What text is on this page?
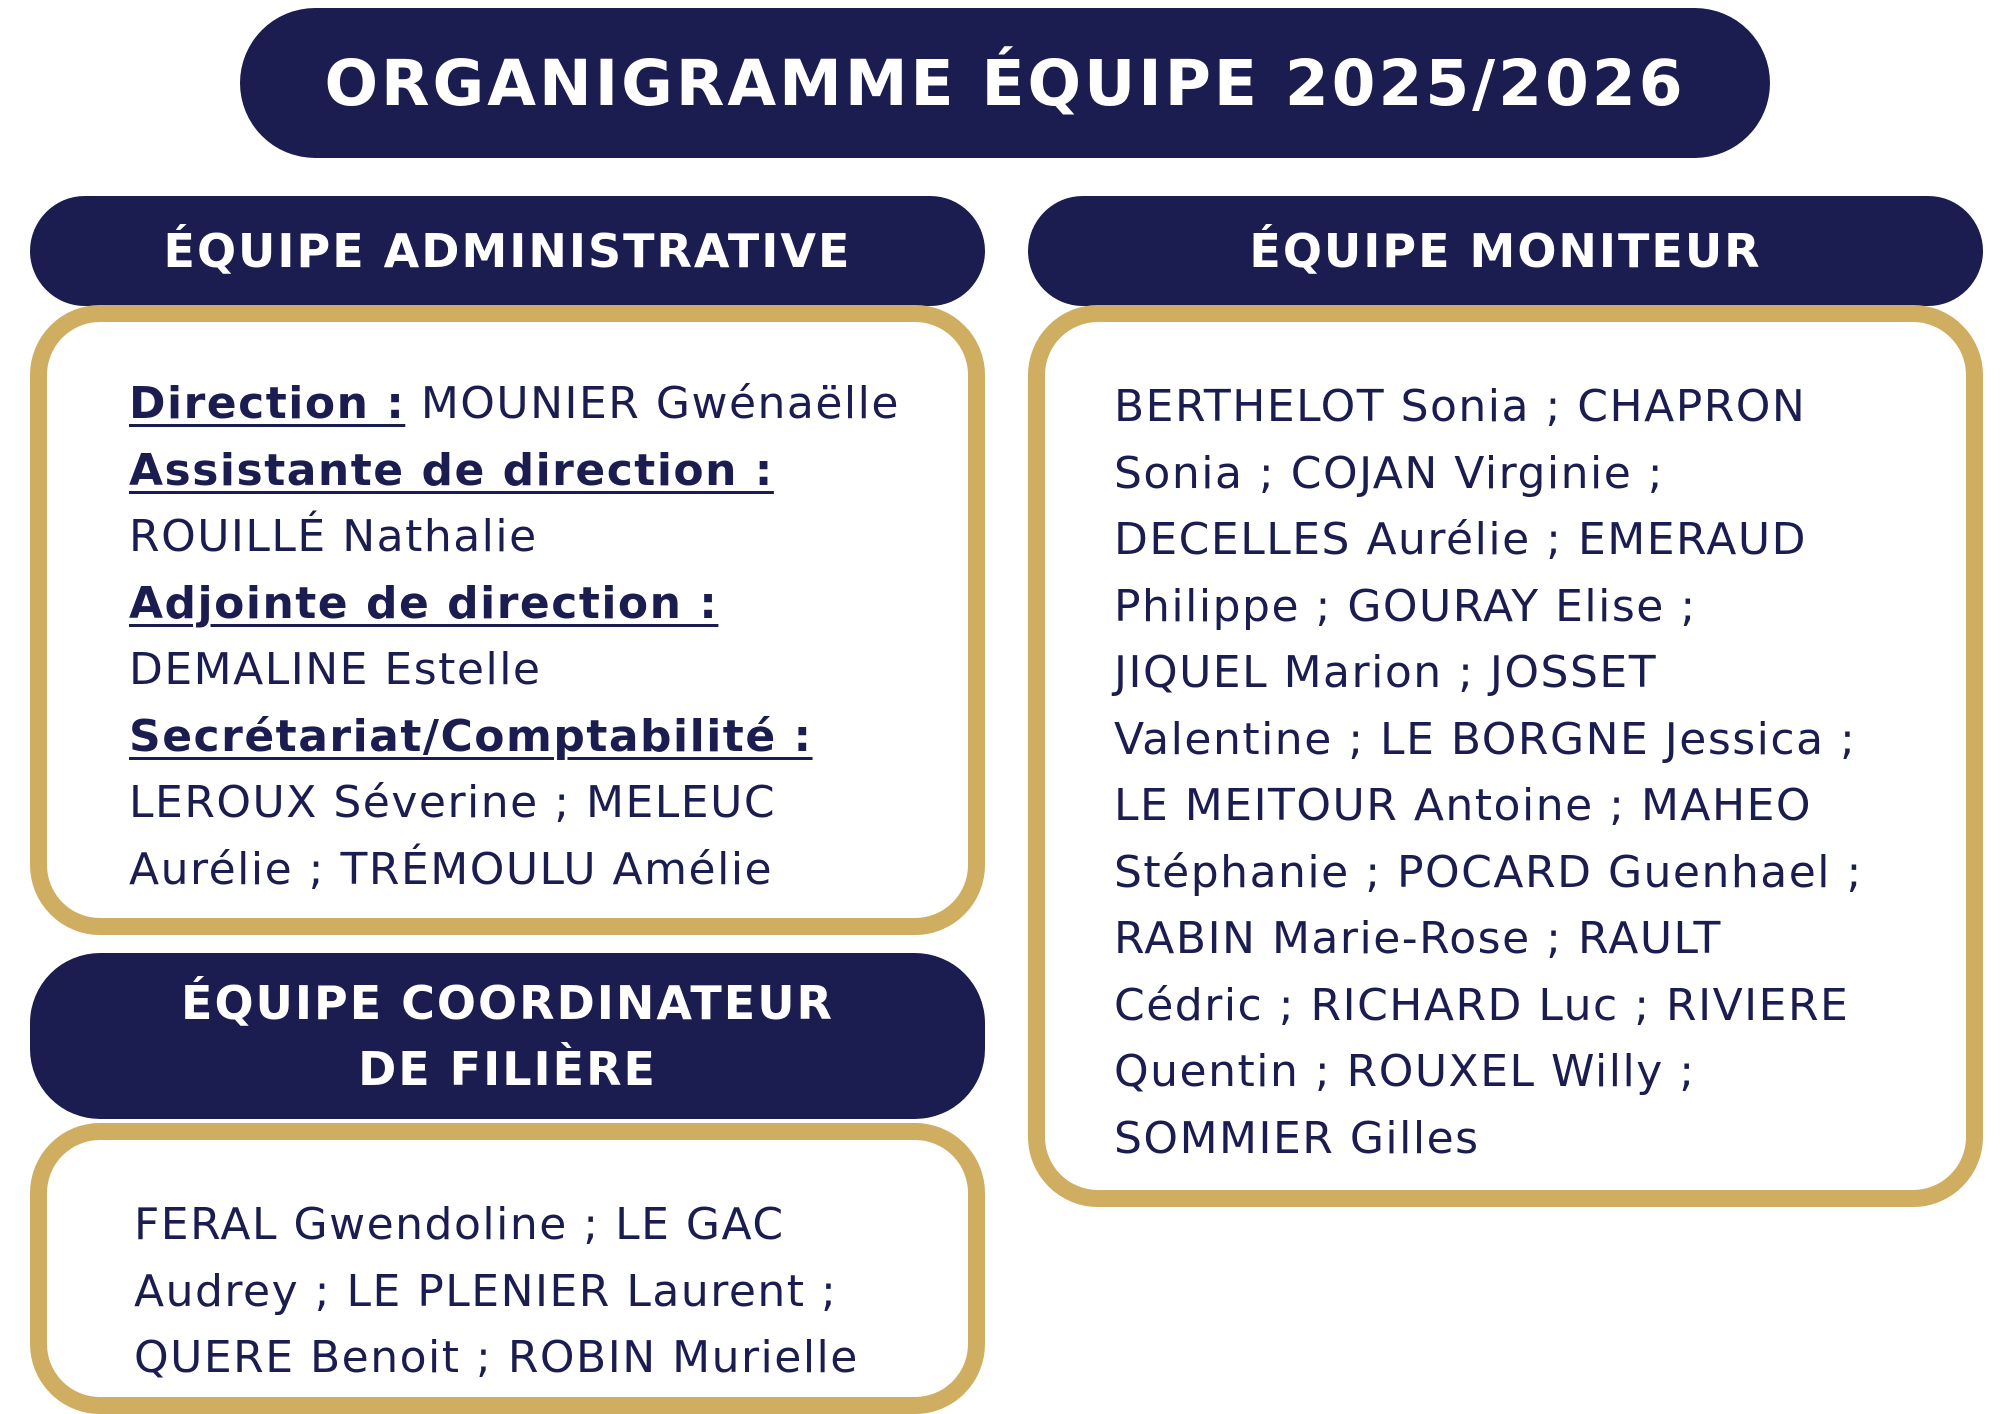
ORGANIGRAMME ÉQUIPE 2025/2026
ÉQUIPE ADMINISTRATIVE
Direction : MOUNIER Gwénaëlle
Assistante de direction :
ROUILLÉ Nathalie
Adjointe de direction :
DEMALINE Estelle
Secrétariat/Comptabilité :
LEROUX Séverine ; MELEUC
Aurélie ; TRÉMOULU Amélie
ÉQUIPE COORDINATEUR
DE FILIÈRE
FERAL Gwendoline ; LE GAC
Audrey ; LE PLENIER Laurent ;
QUERE Benoit ; ROBIN Murielle
ÉQUIPE MONITEUR
BERTHELOT Sonia ; CHAPRON
Sonia ; COJAN Virginie ;
DECELLES Aurélie ; EMERAUD
Philippe ; GOURAY Elise ;
JIQUEL Marion ; JOSSET
Valentine ; LE BORGNE Jessica ;
LE MEITOUR Antoine ; MAHEO
Stéphanie ; POCARD Guenhael ;
RABIN Marie-Rose ; RAULT
Cédric ; RICHARD Luc ; RIVIERE
Quentin ; ROUXEL Willy ;
SOMMIER Gilles
